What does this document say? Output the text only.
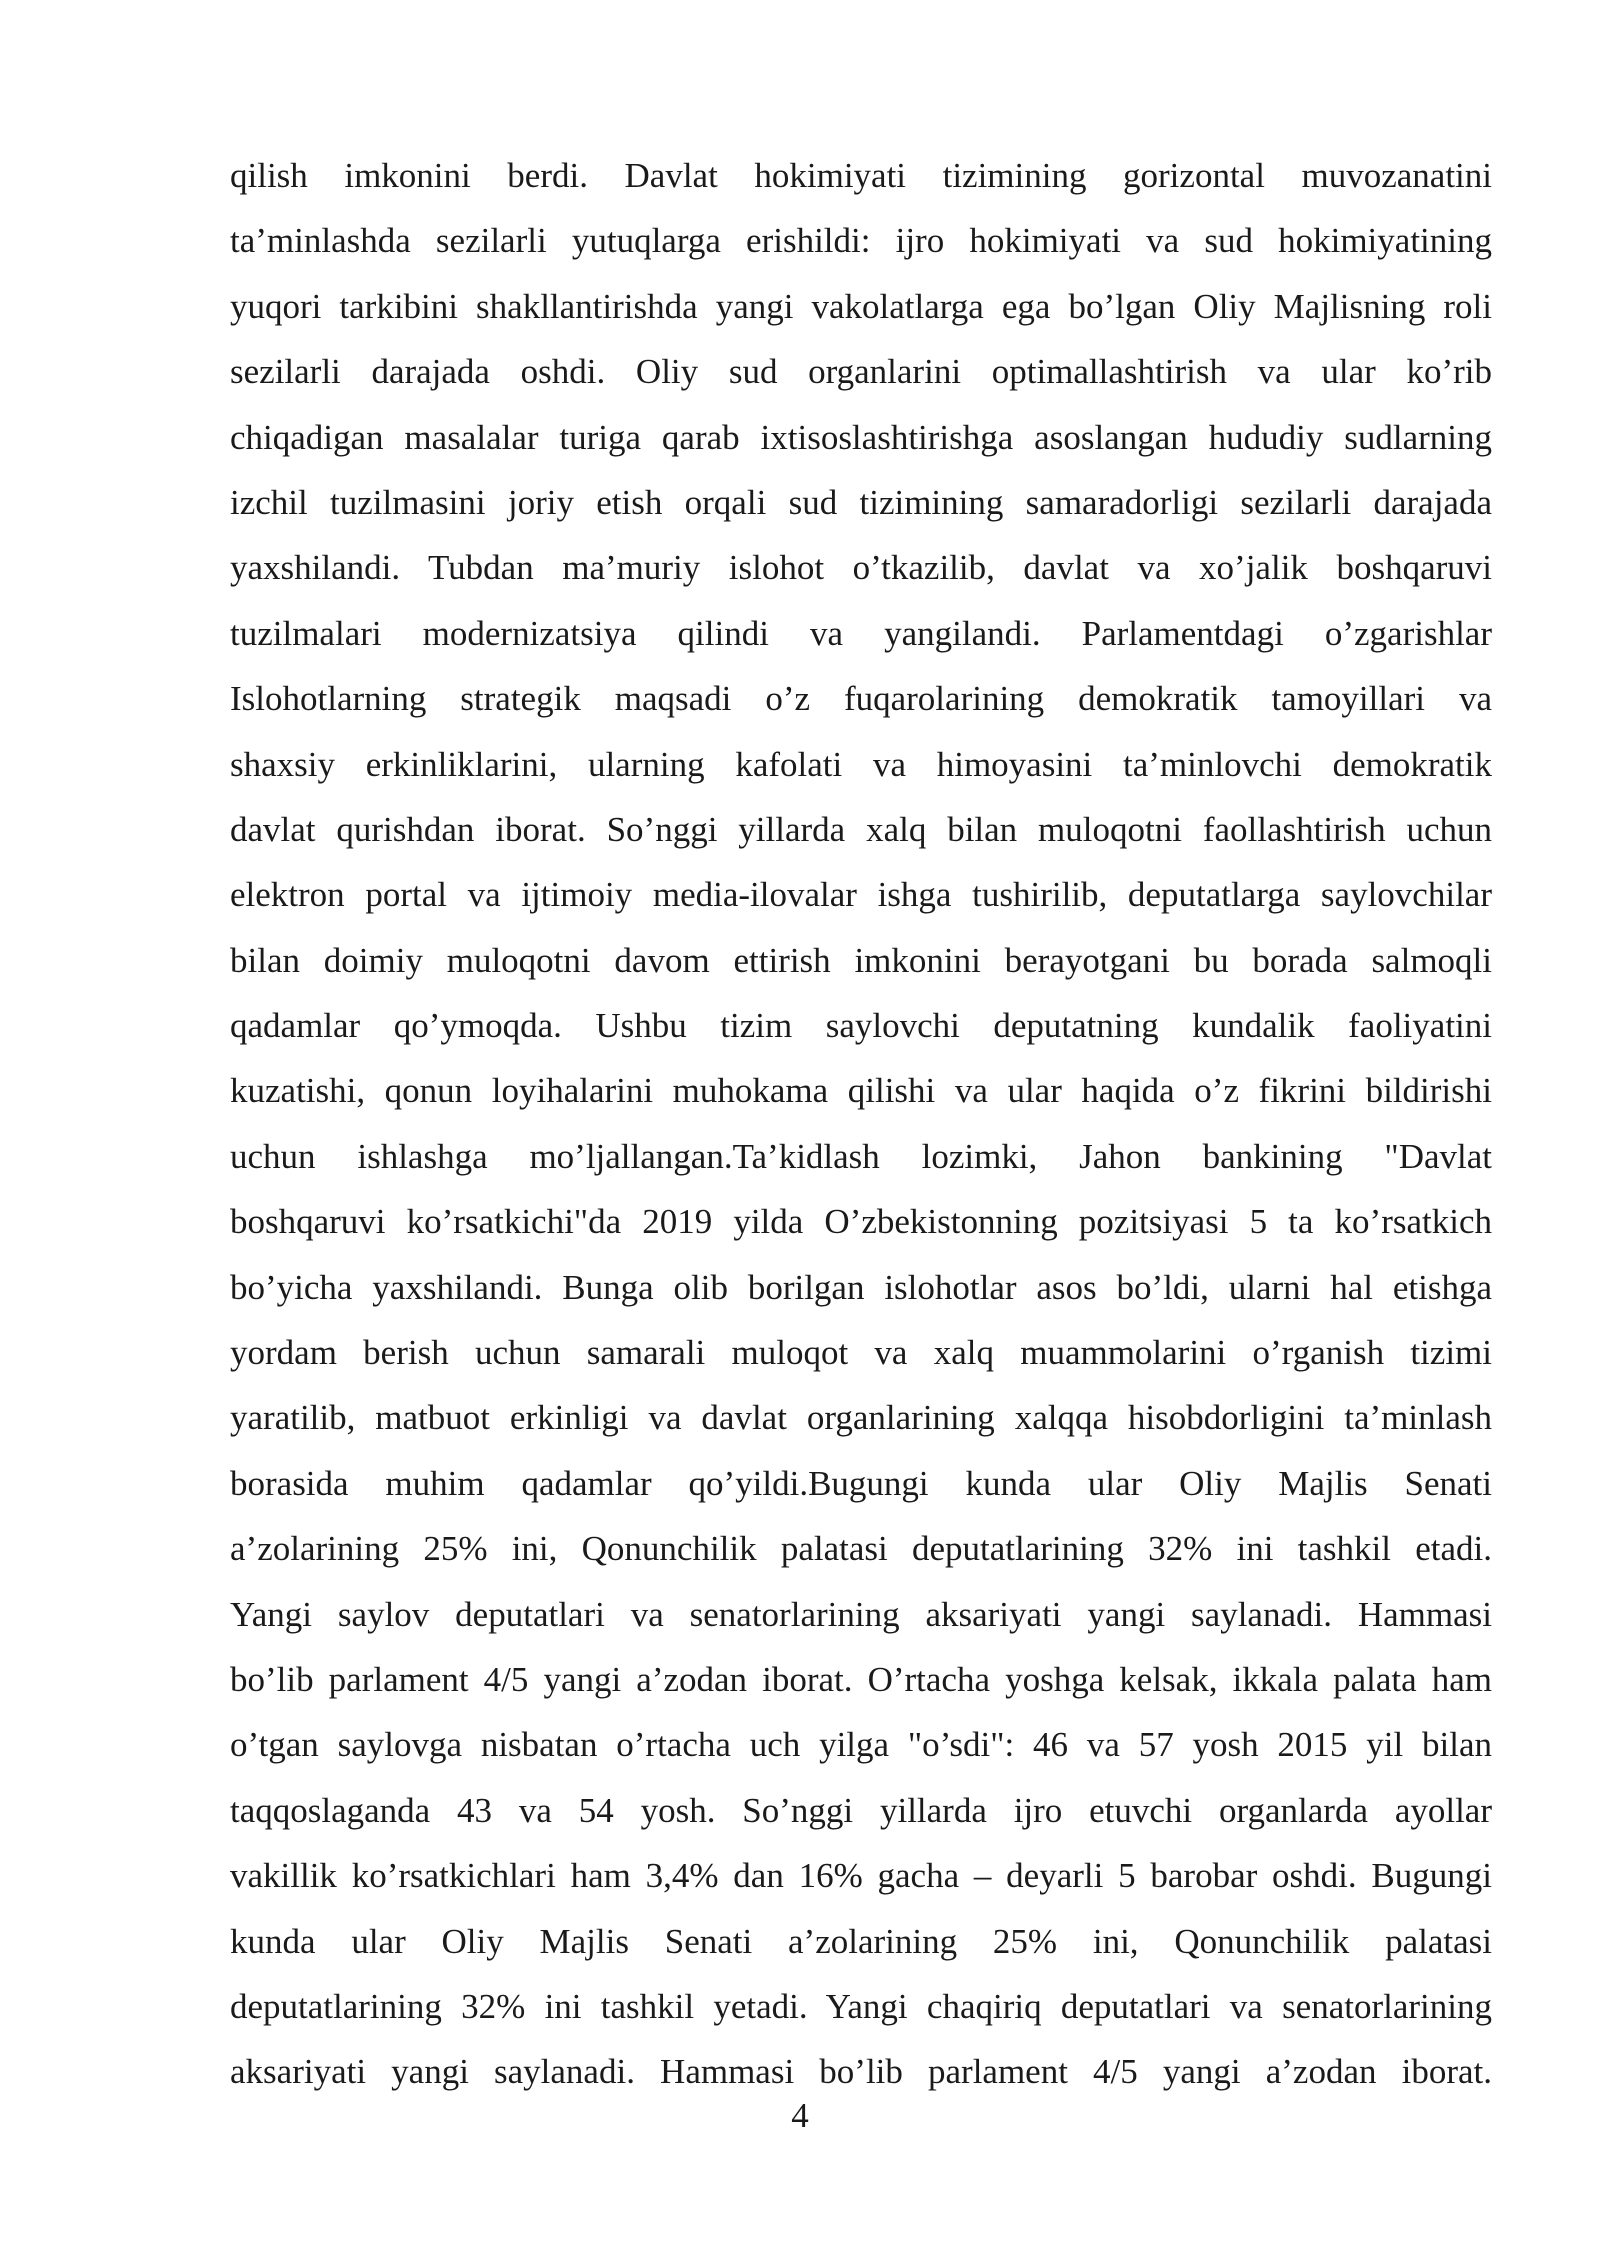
qilish imkonini berdi. Davlat hokimiyati tizimining gorizontal muvozanatini
ta’minlashda sezilarli yutuqlarga erishildi: ijro hokimiyati va sud hokimiyatining
yuqori tarkibini shakllantirishda yangi vakolatlarga ega bo’lgan Oliy Majlisning roli
sezilarli darajada oshdi. Oliy sud organlarini optimallashtirish va ular ko’rib
chiqadigan masalalar turiga qarab ixtisoslashtirishga asoslangan hududiy sudlarning
izchil tuzilmasini joriy etish orqali sud tizimining samaradorligi sezilarli darajada
yaxshilandi. Tubdan ma’muriy islohot o’tkazilib, davlat va xo’jalik boshqaruvi
tuzilmalari modernizatsiya qilindi va yangilandi. Parlamentdagi o’zgarishlar
Islohotlarning strategik maqsadi o’z fuqarolarining demokratik tamoyillari va
shaxsiy erkinliklarini, ularning kafolati va himoyasini ta’minlovchi demokratik
davlat qurishdan iborat. So’nggi yillarda xalq bilan muloqotni faollashtirish uchun
elektron portal va ijtimoiy media-ilovalar ishga tushirilib, deputatlarga saylovchilar
bilan doimiy muloqotni davom ettirish imkonini berayotgani bu borada salmoqli
qadamlar qo’ymoqda. Ushbu tizim saylovchi deputatning kundalik faoliyatini
kuzatishi, qonun loyihalarini muhokama qilishi va ular haqida o’z fikrini bildirishi
uchun ishlashga mo’ljallangan.Ta’kidlash lozimki, Jahon bankining "Davlat
boshqaruvi ko’rsatkichi"da 2019 yilda O’zbekistonning pozitsiyasi 5 ta ko’rsatkich
bo’yicha yaxshilandi. Bunga olib borilgan islohotlar asos bo’ldi, ularni hal etishga
yordam berish uchun samarali muloqot va xalq muammolarini o’rganish tizimi
yaratilib, matbuot erkinligi va davlat organlarining xalqqa hisobdorligini ta’minlash
borasida muhim qadamlar qo’yildi.Bugungi kunda ular Oliy Majlis Senati
a’zolarining 25% ini, Qonunchilik palatasi deputatlarining 32% ini tashkil etadi.
Yangi saylov deputatlari va senatorlarining aksariyati yangi saylanadi. Hammasi
bo’lib parlament 4/5 yangi a’zodan iborat. O’rtacha yoshga kelsak, ikkala palata ham
o’tgan saylovga nisbatan o’rtacha uch yilga "o’sdi": 46 va 57 yosh 2015 yil bilan
taqqoslaganda 43 va 54 yosh. So’nggi yillarda ijro etuvchi organlarda ayollar
vakillik ko’rsatkichlari ham 3,4% dan 16% gacha – deyarli 5 barobar oshdi. Bugungi
kunda ular Oliy Majlis Senati a’zolarining 25% ini, Qonunchilik palatasi
deputatlarining 32% ini tashkil yetadi. Yangi chaqiriq deputatlari va senatorlarining
aksariyati yangi saylanadi. Hammasi bo’lib parlament 4/5 yangi a’zodan iborat.
4
